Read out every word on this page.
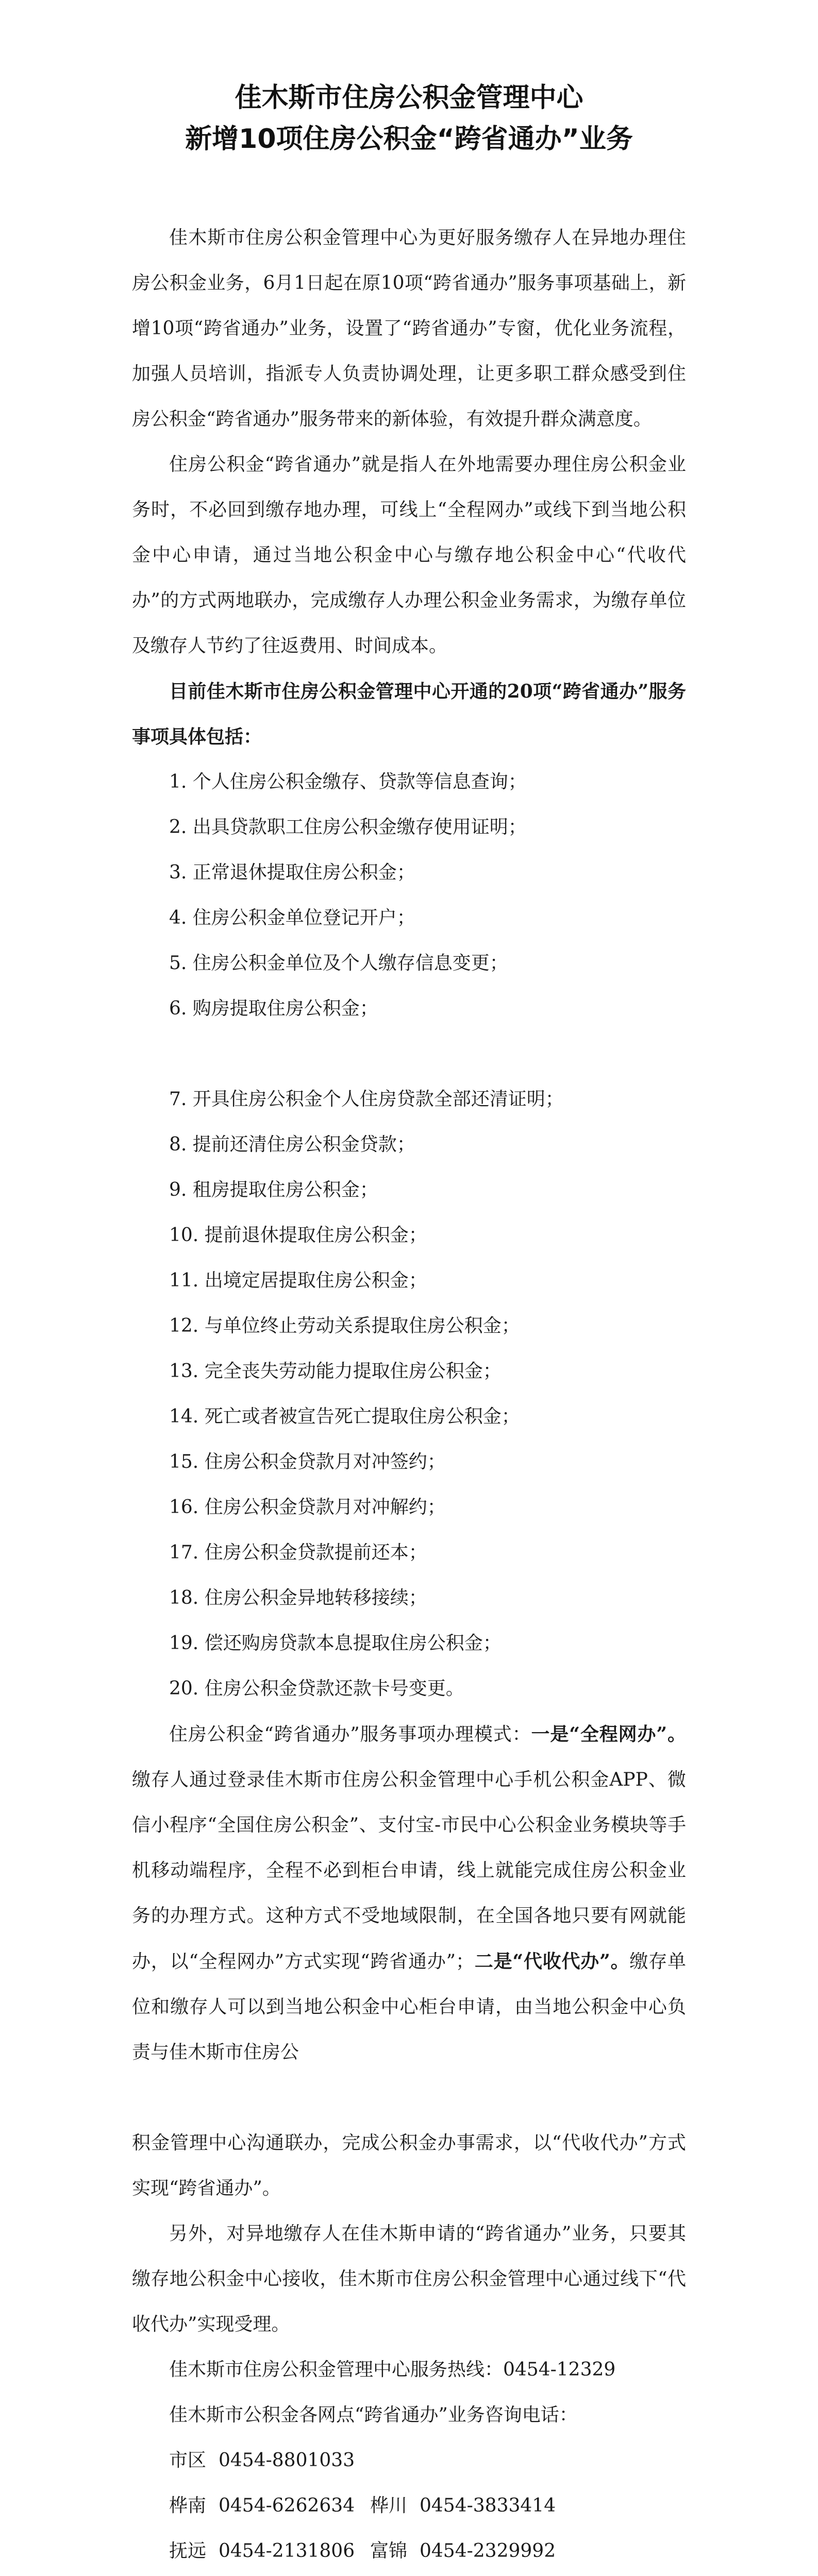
佳木斯市住房公积金管理中心
新增10项住房公积金“跨省通办”业务

佳木斯市住房公积金管理中心为更好服务缴存人在异地办理住房公积金业务，6月1日起在原10项“跨省通办”服务事项基础上，新增10项“跨省通办”业务，设置了“跨省通办”专窗，优化业务流程，加强人员培训，指派专人负责协调处理，让更多职工群众感受到住房公积金“跨省通办”服务带来的新体验，有效提升群众满意度。

住房公积金“跨省通办”就是指人在外地需要办理住房公积金业务时，不必回到缴存地办理，可线上“全程网办”或线下到当地公积金中心申请，通过当地公积金中心与缴存地公积金中心“代收代办”的方式两地联办，完成缴存人办理公积金业务需求，为缴存单位及缴存人节约了往返费用、时间成本。

目前佳木斯市住房公积金管理中心开通的20项“跨省通办”服务事项具体包括：

1. 个人住房公积金缴存、贷款等信息查询；
2. 出具贷款职工住房公积金缴存使用证明；
3. 正常退休提取住房公积金；
4. 住房公积金单位登记开户；
5. 住房公积金单位及个人缴存信息变更；
6. 购房提取住房公积金；
7. 开具住房公积金个人住房贷款全部还清证明；
8. 提前还清住房公积金贷款；
9. 租房提取住房公积金；
10. 提前退休提取住房公积金；
11. 出境定居提取住房公积金；
12. 与单位终止劳动关系提取住房公积金；
13. 完全丧失劳动能力提取住房公积金；
14. 死亡或者被宣告死亡提取住房公积金；
15. 住房公积金贷款月对冲签约；
16. 住房公积金贷款月对冲解约；
17. 住房公积金贷款提前还本；
18. 住房公积金异地转移接续；
19. 偿还购房贷款本息提取住房公积金；
20. 住房公积金贷款还款卡号变更。

住房公积金“跨省通办”服务事项办理模式：一是“全程网办”。缴存人通过登录佳木斯市住房公积金管理中心手机公积金APP、微信小程序“全国住房公积金”、支付宝-市民中心公积金业务模块等手机移动端程序，全程不必到柜台申请，线上就能完成住房公积金业务的办理方式。这种方式不受地域限制，在全国各地只要有网就能办，以“全程网办”方式实现“跨省通办”；二是“代收代办”。缴存单位和缴存人可以到当地公积金中心柜台申请，由当地公积金中心负责与佳木斯市住房公

积金管理中心沟通联办，完成公积金办事需求，以“代收代办”方式实现“跨省通办”。

另外，对异地缴存人在佳木斯申请的“跨省通办”业务，只要其缴存地公积金中心接收，佳木斯市住房公积金管理中心通过线下“代收代办”实现受理。

佳木斯市住房公积金管理中心服务热线：0454-12329

佳木斯市公积金各网点“跨省通办”业务咨询电话：

市区 0454-8801033
桦南 0454-6262634 桦川 0454-3833414
抚远 0454-2131806 富锦 0454-2329992
